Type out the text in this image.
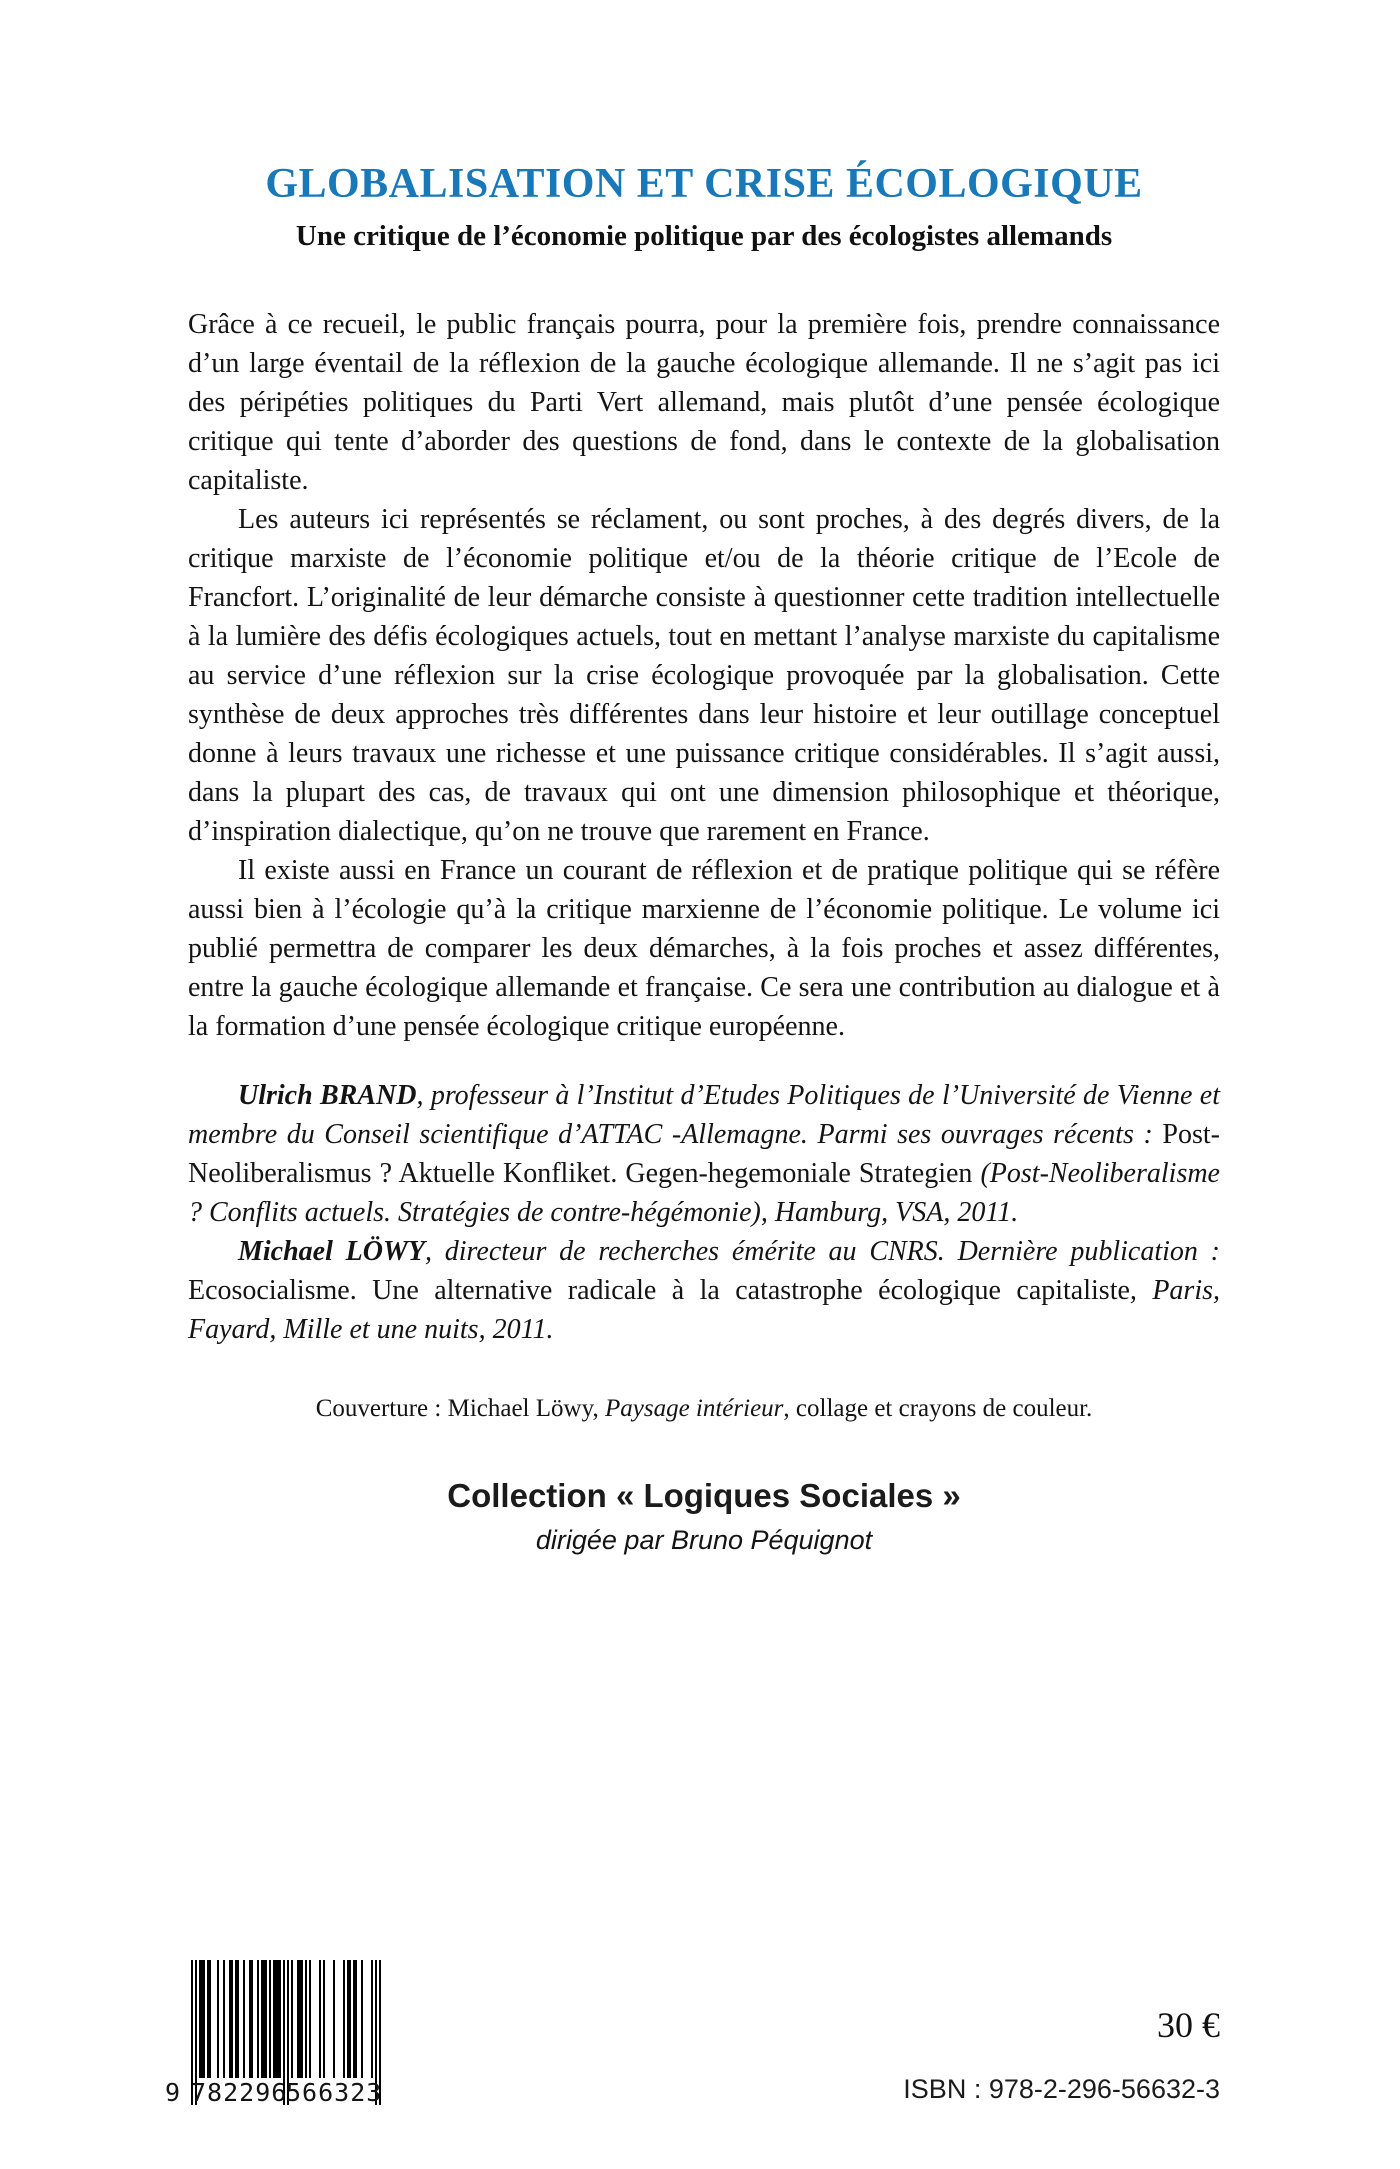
GLOBALISATION ET CRISE ÉCOLOGIQUE
Une critique de l’économie politique par des écologistes allemands

Grâce à ce recueil, le public français pourra, pour la première fois, prendre connaissance d’un large éventail de la réflexion de la gauche écologique allemande. Il ne s’agit pas ici des péripéties politiques du Parti Vert allemand, mais plutôt d’une pensée écologique critique qui tente d’aborder des questions de fond, dans le contexte de la globalisation capitaliste.

Les auteurs ici représentés se réclament, ou sont proches, à des degrés divers, de la critique marxiste de l’économie politique et/ou de la théorie critique de l’Ecole de Francfort. L’originalité de leur démarche consiste à questionner cette tradition intellectuelle à la lumière des défis écologiques actuels, tout en mettant l’analyse marxiste du capitalisme au service d’une réflexion sur la crise écologique provoquée par la globalisation. Cette synthèse de deux approches très différentes dans leur histoire et leur outillage conceptuel donne à leurs travaux une richesse et une puissance critique considérables. Il s’agit aussi, dans la plupart des cas, de travaux qui ont une dimension philosophique et théorique, d’inspiration dialectique, qu’on ne trouve que rarement en France.

Il existe aussi en France un courant de réflexion et de pratique politique qui se réfère aussi bien à l’écologie qu’à la critique marxienne de l’économie politique. Le volume ici publié permettra de comparer les deux démarches, à la fois proches et assez différentes, entre la gauche écologique allemande et française. Ce sera une contribution au dialogue et à la formation d’une pensée écologique critique européenne.

Ulrich BRAND, professeur à l’Institut d’Etudes Politiques de l’Université de Vienne et membre du Conseil scientifique d’ATTAC -Allemagne. Parmi ses ouvrages récents : Post-Neoliberalismus ? Aktuelle Konfliket. Gegen-hegemoniale Strategien (Post-Neoliberalisme ? Conflits actuels. Stratégies de contre-hégémonie), Hamburg, VSA, 2011.

Michael LÖWY, directeur de recherches émérite au CNRS. Dernière publication : Ecosocialisme. Une alternative radicale à la catastrophe écologique capitaliste, Paris, Fayard, Mille et une nuits, 2011.

Couverture : Michael Löwy, Paysage intérieur, collage et crayons de couleur.

Collection « Logiques Sociales »
dirigée par Bruno Péquignot
9 782296
566323
30 €
ISBN : 978-2-296-56632-3
